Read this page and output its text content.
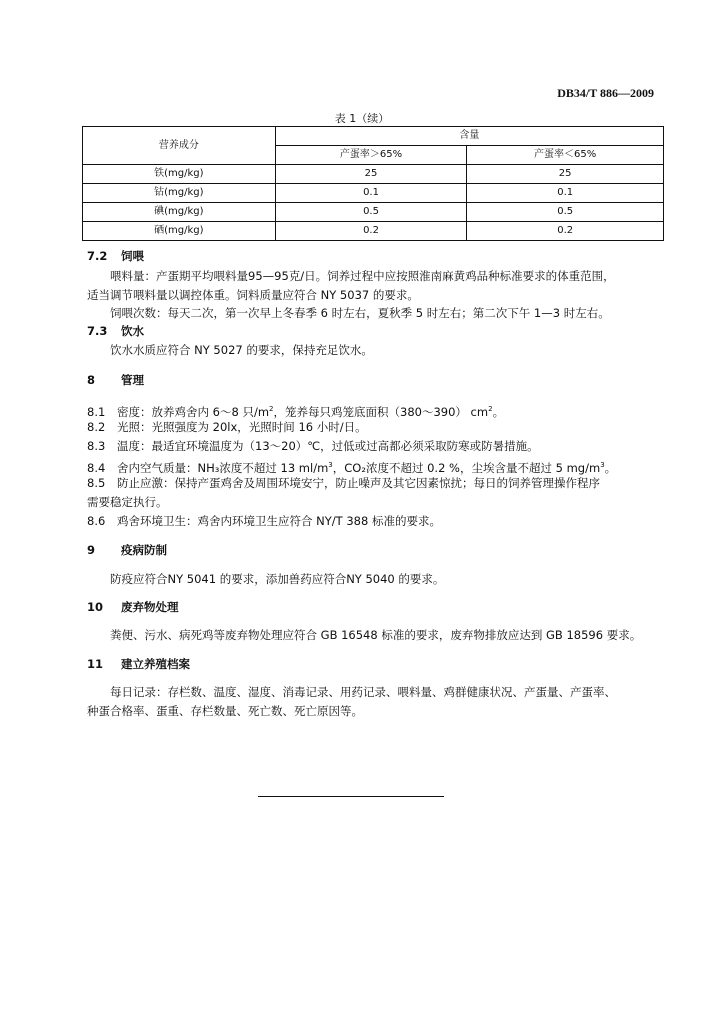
DB34/T 886—2009
表 1（续）
营养成分	含量	
	产蛋率＞65%	产蛋率＜65%
铁(mg/kg)	25	25
钴(mg/kg)	0.1	0.1
碘(mg/kg)	0.5	0.5
硒(mg/kg)	0.2	0.2
7.2 饲喂
喂料量：产蛋期平均喂料量95—95克/日。饲养过程中应按照淮南麻黄鸡品种标准要求的体重范围，
适当调节喂料量以调控体重。饲料质量应符合 NY 5037 的要求。
饲喂次数：每天二次，第一次早上冬春季 6 时左右，夏秋季 5 时左右；第二次下午 1—3 时左右。
7.3 饮水
饮水水质应符合 NY 5027 的要求，保持充足饮水。
8 管理
8.1 密度：放养鸡舍内 6～8 只$/m^2$，笼养每只鸡笼底面积（380～390） $cm^2$。
8.2 光照：光照强度为 20lx，光照时间 16 小时/日。
8.3 温度：最适宜环境温度为（13～20）℃，过低或过高都必须采取防寒或防暑措施。
8.4 舍内空气质量：NH₃浓度不超过 13 $ml/m^3$，CO₂浓度不超过 0.2 %，尘埃含量不超过 5 $mg/m^3$。
8.5 防止应激：保持产蛋鸡舍及周围环境安宁，防止噪声及其它因素惊扰；每日的饲养管理操作程序
需要稳定执行。
8.6 鸡舍环境卫生：鸡舍内环境卫生应符合 NY/T 388 标准的要求。
9 疫病防制
防疫应符合NY 5041 的要求，添加兽药应符合NY 5040 的要求。
10 废弃物处理
粪便、污水、病死鸡等废弃物处理应符合 GB 16548 标准的要求，废弃物排放应达到 GB 18596 要求。
11 建立养殖档案
每日记录：存栏数、温度、湿度、消毒记录、用药记录、喂料量、鸡群健康状况、产蛋量、产蛋率、
种蛋合格率、蛋重、存栏数量、死亡数、死亡原因等。
